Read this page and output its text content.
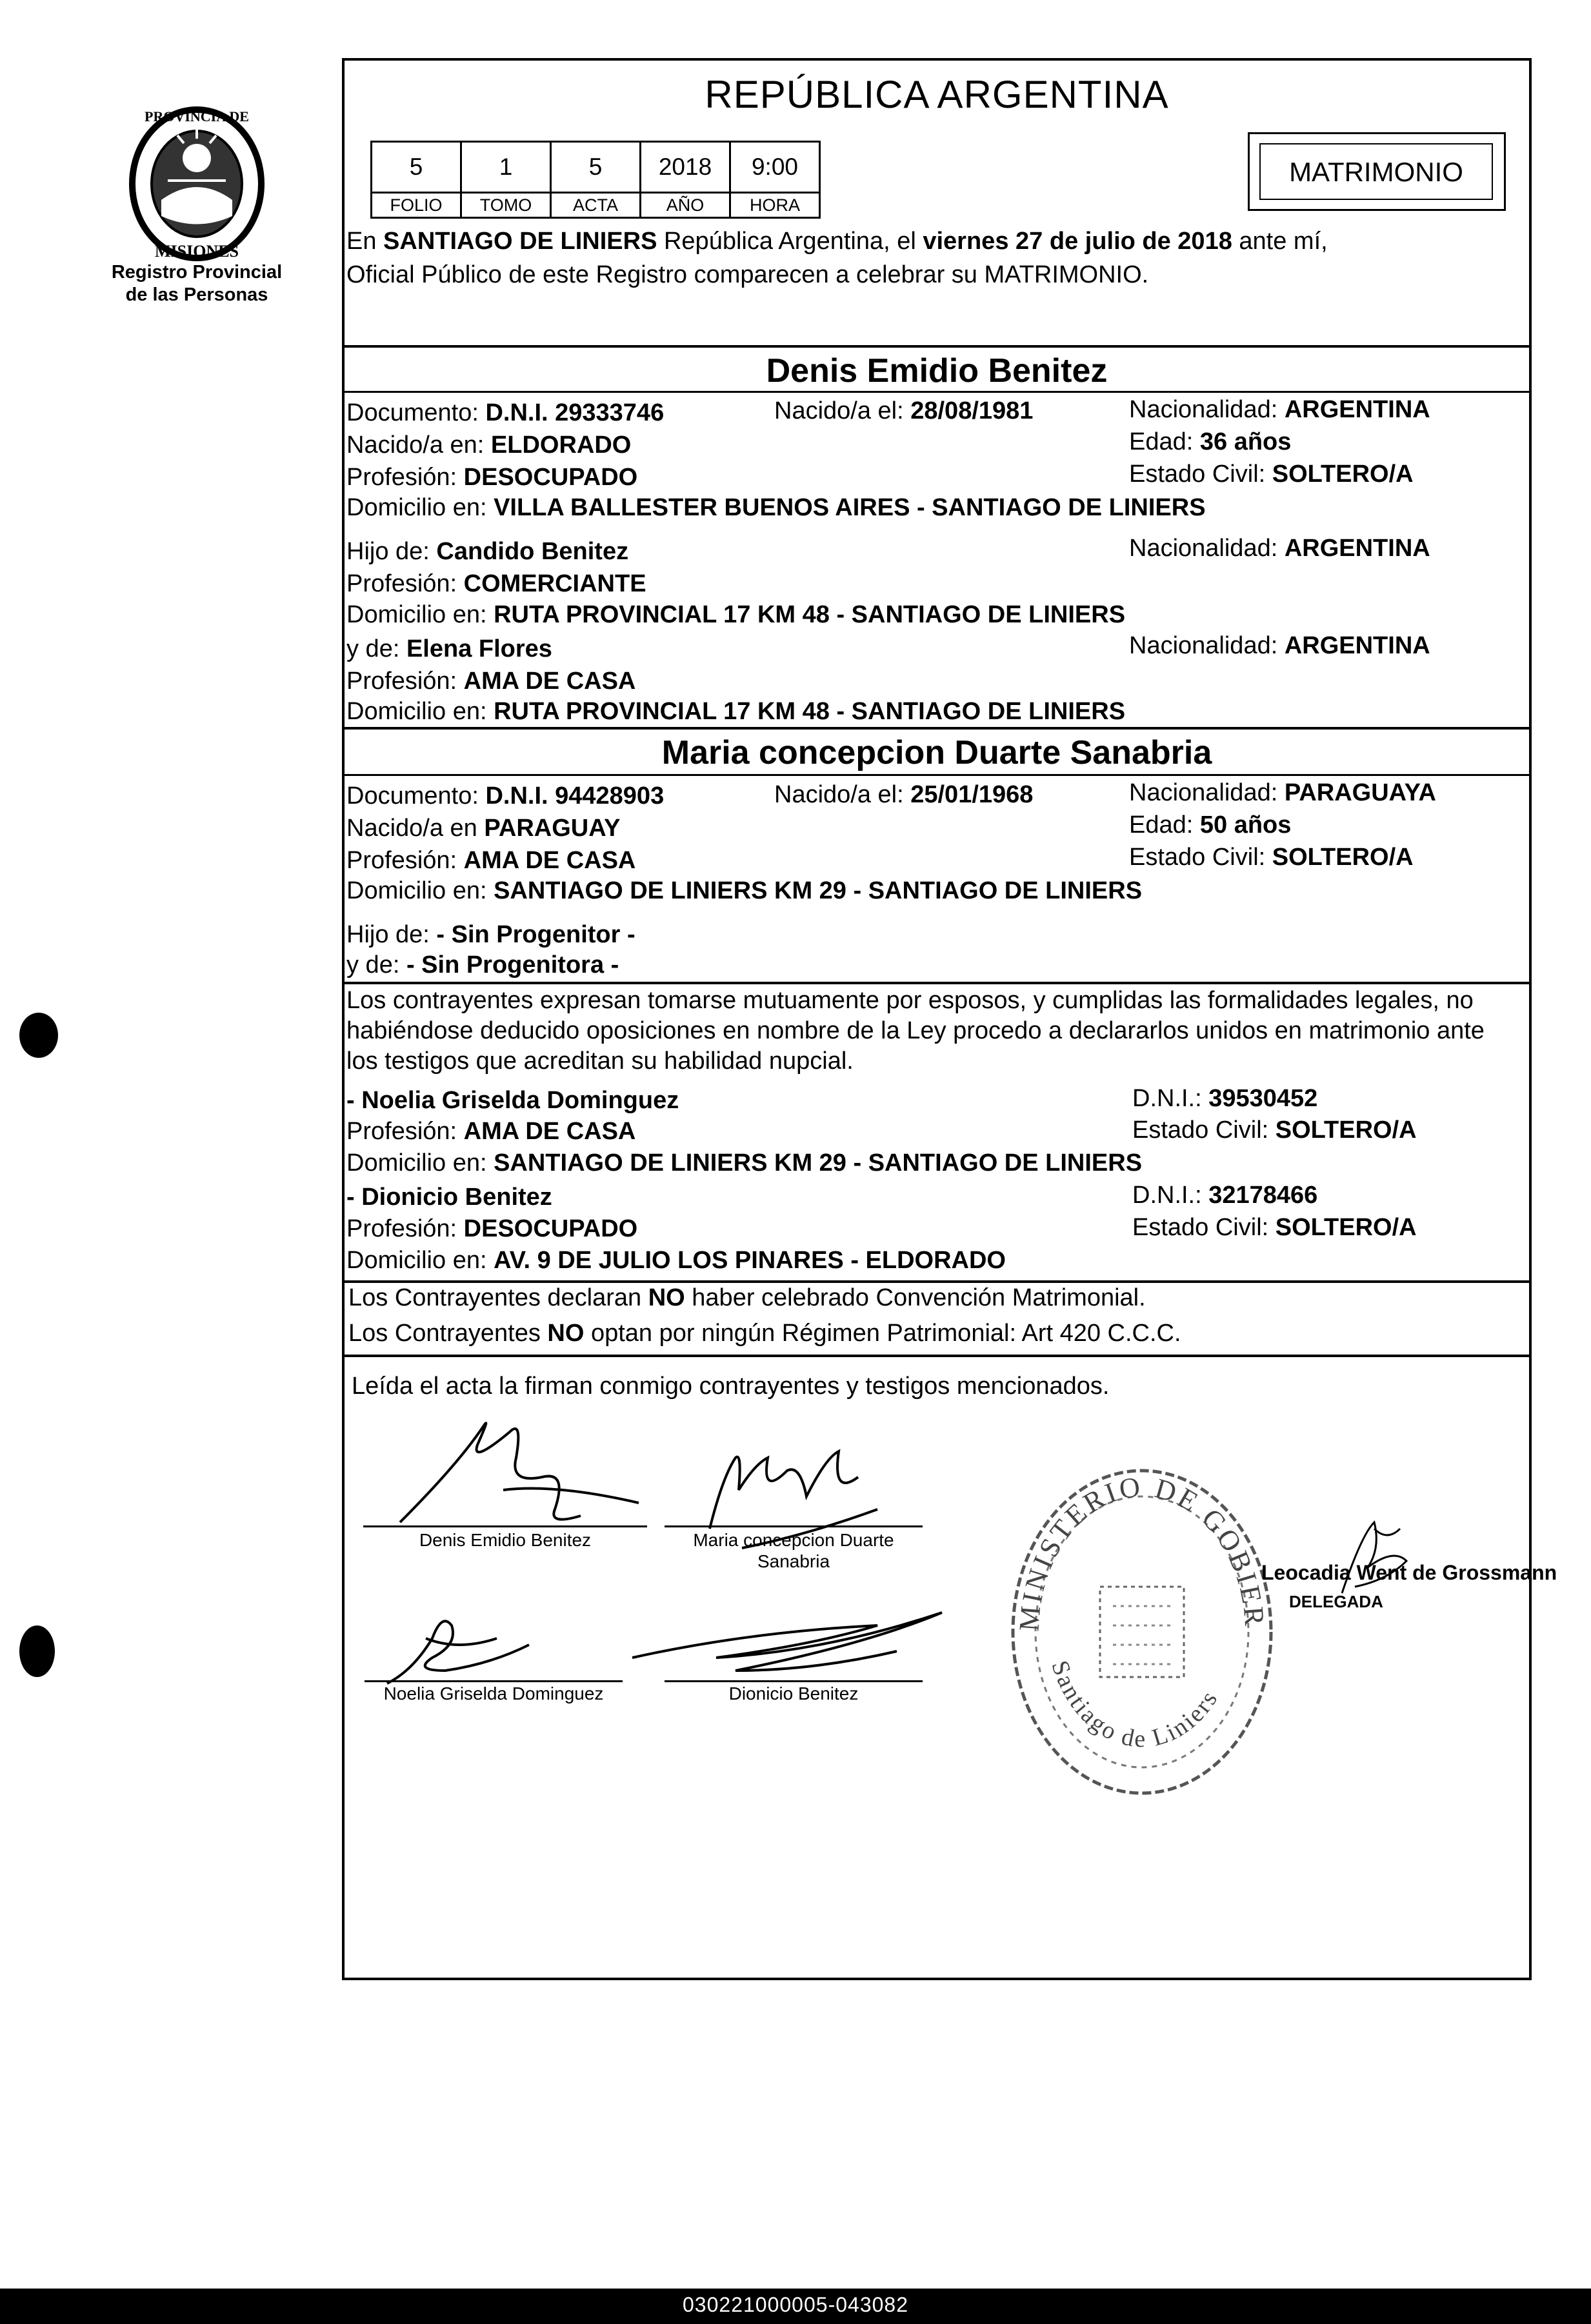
PROVINCIA DE
MISIONES
Registro Provincial
de las Personas
REPÚBLICA ARGENTINA
5	1	5	2018	9:00
FOLIO	TOMO	ACTA	AÑO	HORA
MATRIMONIO
En SANTIAGO DE LINIERS República Argentina, el viernes 27 de julio de 2018 ante mí,
Oficial Público de este Registro comparecen a celebrar su MATRIMONIO.
Denis Emidio Benitez
Documento: D.N.I. 29333746	Nacido/a el: 28/08/1981	Nacionalidad: ARGENTINA
Nacido/a en: ELDORADO	Edad: 36 años
Profesión: DESOCUPADO	Estado Civil: SOLTERO/A
Domicilio en: VILLA BALLESTER BUENOS AIRES - SANTIAGO DE LINIERS
Hijo de: Candido Benitez	Nacionalidad: ARGENTINA
Profesión: COMERCIANTE
Domicilio en: RUTA PROVINCIAL 17 KM 48 - SANTIAGO DE LINIERS
y de: Elena Flores	Nacionalidad: ARGENTINA
Profesión: AMA DE CASA
Domicilio en: RUTA PROVINCIAL 17 KM 48 - SANTIAGO DE LINIERS
Maria concepcion Duarte Sanabria
Documento: D.N.I. 94428903	Nacido/a el: 25/01/1968	Nacionalidad: PARAGUAYA
Nacido/a en PARAGUAY	Edad: 50 años
Profesión: AMA DE CASA	Estado Civil: SOLTERO/A
Domicilio en: SANTIAGO DE LINIERS KM 29 - SANTIAGO DE LINIERS
Hijo de: - Sin Progenitor -
y de: - Sin Progenitora -
Los contrayentes expresan tomarse mutuamente por esposos, y cumplidas las formalidades legales, no
habiéndose deducido oposiciones en nombre de la Ley procedo a declararlos unidos en matrimonio ante
los testigos que acreditan su habilidad nupcial.
- Noelia Griselda Dominguez	D.N.I.: 39530452
Profesión: AMA DE CASA	Estado Civil: SOLTERO/A
Domicilio en: SANTIAGO DE LINIERS KM 29 - SANTIAGO DE LINIERS
- Dionicio Benitez	D.N.I.: 32178466
Profesión: DESOCUPADO	Estado Civil: SOLTERO/A
Domicilio en: AV. 9 DE JULIO LOS PINARES - ELDORADO
Los Contrayentes declaran NO haber celebrado Convención Matrimonial.
Los Contrayentes NO optan por ningún Régimen Patrimonial: Art 420 C.C.C.
Leída el acta la firman conmigo contrayentes y testigos mencionados.
Denis Emidio Benitez	Maria concepcion Duarte
Sanabria
Noelia Griselda Dominguez	Dionicio Benitez
MINISTERIO DE GOBIERNO
Santiago de Liniers
Leocadia Went de Grossmann
DELEGADA
030221000005-043082
